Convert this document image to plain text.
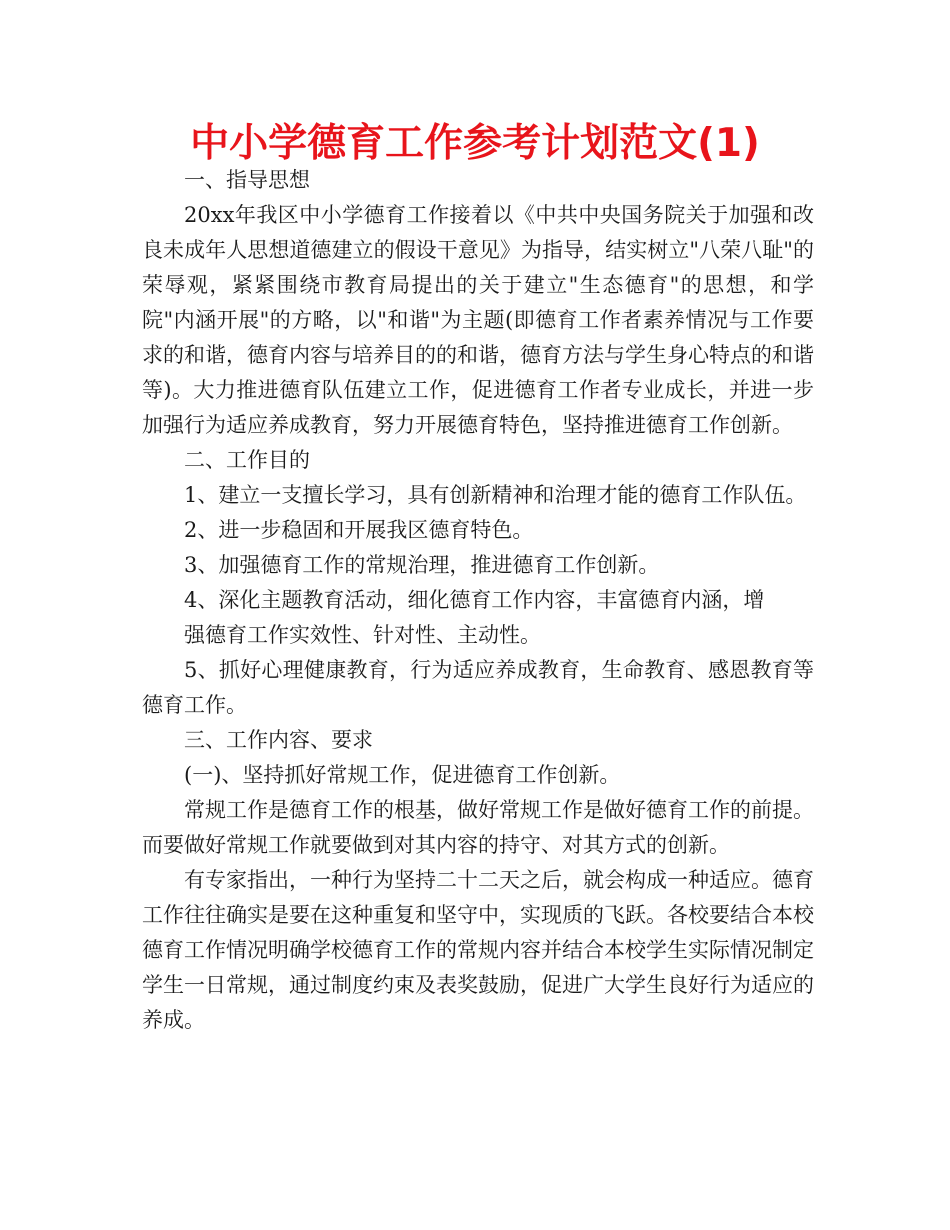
中小学德育工作参考计划范文(1)

一、指导思想

20xx年我区中小学德育工作接着以《中共中央国务院关于加强和改良未成年人思想道德建立的假设干意见》为指导，结实树立"八荣八耻"的荣辱观，紧紧围绕市教育局提出的关于建立"生态德育"的思想，和学院"内涵开展"的方略，以"和谐"为主题(即德育工作者素养情况与工作要求的和谐，德育内容与培养目的的和谐，德育方法与学生身心特点的和谐等)。大力推进德育队伍建立工作，促进德育工作者专业成长，并进一步加强行为适应养成教育，努力开展德育特色，坚持推进德育工作创新。

二、工作目的

1、建立一支擅长学习，具有创新精神和治理才能的德育工作队伍。

2、进一步稳固和开展我区德育特色。

3、加强德育工作的常规治理，推进德育工作创新。

4、深化主题教育活动，细化德育工作内容，丰富德育内涵，增

强德育工作实效性、针对性、主动性。

5、抓好心理健康教育，行为适应养成教育，生命教育、感恩教育等德育工作。

三、工作内容、要求

(一)、坚持抓好常规工作，促进德育工作创新。

常规工作是德育工作的根基，做好常规工作是做好德育工作的前提。而要做好常规工作就要做到对其内容的持守、对其方式的创新。

有专家指出，一种行为坚持二十二天之后，就会构成一种适应。德育工作往往确实是要在这种重复和坚守中，实现质的飞跃。各校要结合本校德育工作情况明确学校德育工作的常规内容并结合本校学生实际情况制定学生一日常规，通过制度约束及表奖鼓励，促进广大学生良好行为适应的养成。
